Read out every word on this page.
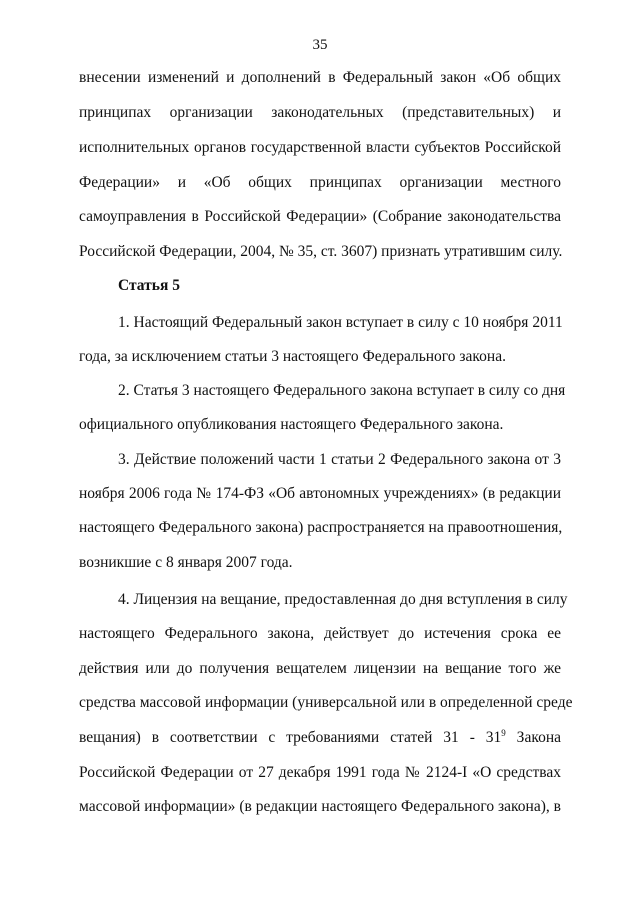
35
внесении изменений и дополнений в Федеральный закон «Об общих
принципах организации законодательных (представительных) и
исполнительных органов государственной власти субъектов Российской
Федерации» и «Об общих принципах организации местного
самоуправления в Российской Федерации» (Собрание законодательства
Российской Федерации, 2004, № 35, ст. 3607) признать утратившим силу.
Статья 5
1. Настоящий Федеральный закон вступает в силу с 10 ноября 2011
года, за исключением статьи 3 настоящего Федерального закона.
2. Статья 3 настоящего Федерального закона вступает в силу со дня
официального опубликования настоящего Федерального закона.
3. Действие положений части 1 статьи 2 Федерального закона от 3
ноября 2006 года № 174-ФЗ «Об автономных учреждениях» (в редакции
настоящего Федерального закона) распространяется на правоотношения,
возникшие с 8 января 2007 года.
4. Лицензия на вещание, предоставленная до дня вступления в силу
настоящего Федерального закона, действует до истечения срока ее
действия или до получения вещателем лицензии на вещание того же
средства массовой информации (универсальной или в определенной среде
вещания) в соответствии с требованиями статей $31 - 31^9$ Закона
Российской Федерации от 27 декабря 1991 года № 2124-I «О средствах
массовой информации» (в редакции настоящего Федерального закона), в
